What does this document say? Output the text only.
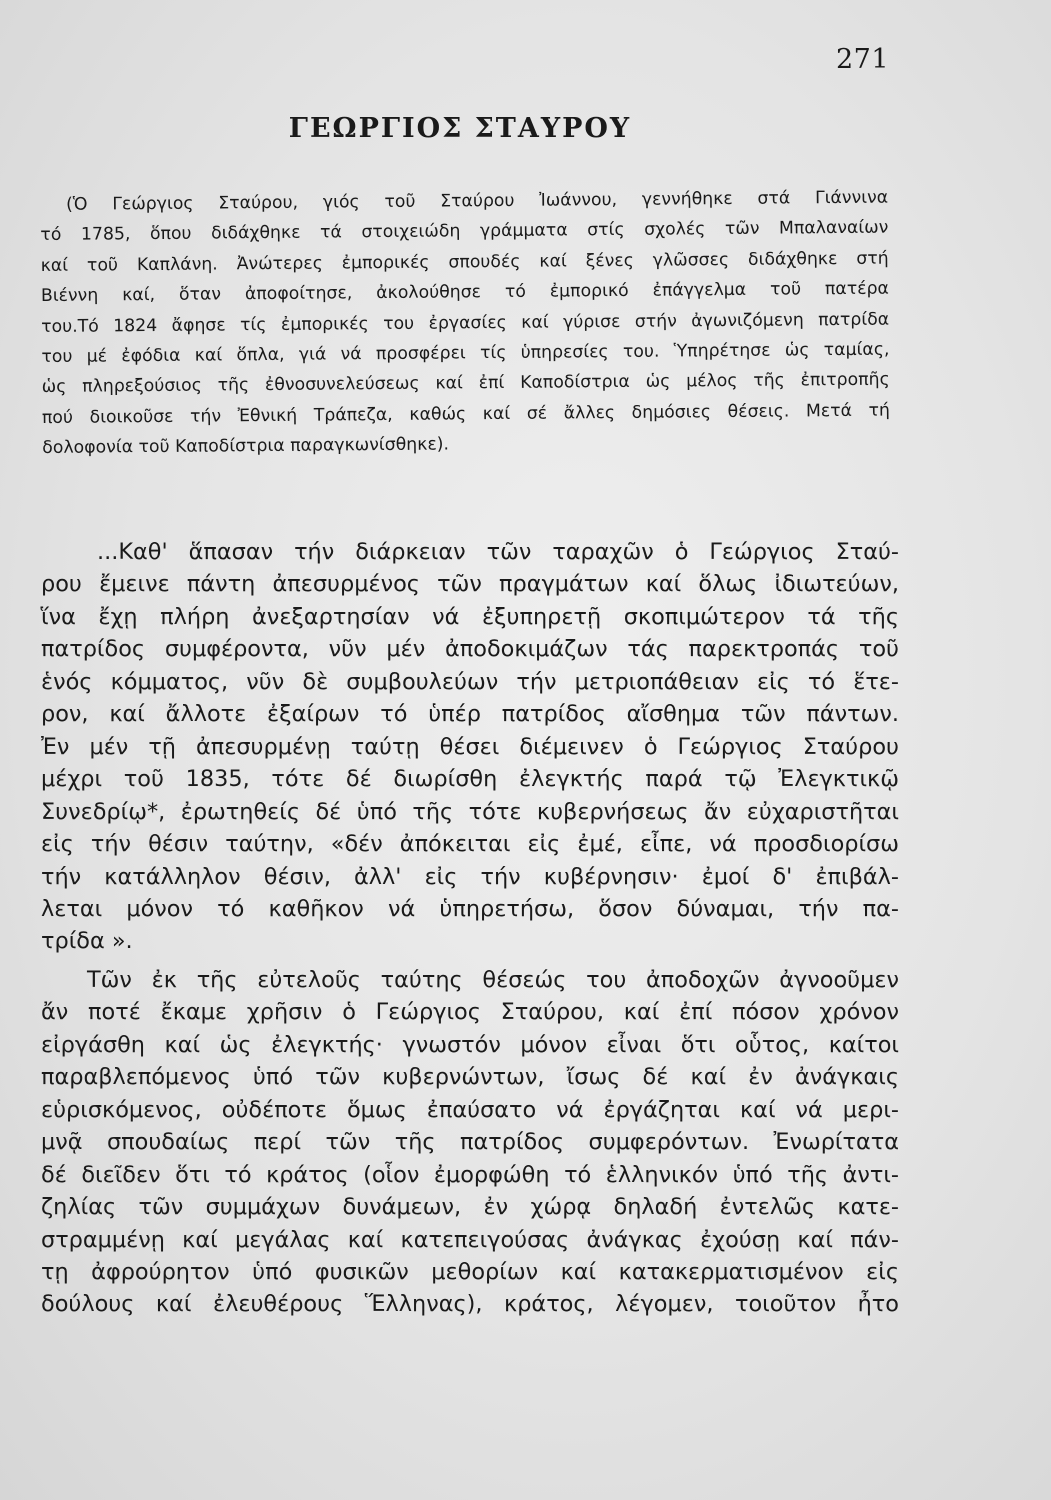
271
ΓΕΩΡΓΙΟΣ ΣΤΑΥΡΟΥ
(Ὁ Γεώργιος Σταύρου, γιός τοῦ Σταύρου Ἰωάννου, γεννήθηκε στά Γιάννινα
τό 1785, ὅπου διδάχθηκε τά στοιχειώδη γράμματα στίς σχολές τῶν Μπαλαναίων
καί τοῦ Καπλάνη. Ἀνώτερες ἐμπορικές σπουδές καί ξένες γλῶσσες διδάχθηκε στή
Βιέννη καί, ὅταν ἀποφοίτησε, ἀκολούθησε τό ἐμπορικό ἐπάγγελμα τοῦ πατέρα
του.Τό 1824 ἄφησε τίς ἐμπορικές του ἐργασίες καί γύρισε στήν ἀγωνιζόμενη πατρίδα
του μέ ἐφόδια καί ὅπλα, γιά νά προσφέρει τίς ὑπηρεσίες του. Ὑπηρέτησε ὡς ταμίας,
ὡς πληρεξούσιος τῆς ἐθνοσυνελεύσεως καί ἐπί Καποδίστρια ὡς μέλος τῆς ἐπιτροπῆς
πού διοικοῦσε τήν Ἐθνική Τράπεζα, καθώς καί σέ ἄλλες δημόσιες θέσεις. Μετά τή
δολοφονία τοῦ Καποδίστρια παραγκωνίσθηκε).
...Καθ' ἅπασαν τήν διάρκειαν τῶν ταραχῶν ὁ Γεώργιος Σταύ-
ρου ἔμεινε πάντη ἀπεσυρμένος τῶν πραγμάτων καί ὅλως ἰδιωτεύων,
ἵνα ἔχῃ πλήρη ἀνεξαρτησίαν νά ἐξυπηρετῇ σκοπιμώτερον τά τῆς
πατρίδος συμφέροντα, νῦν μέν ἀποδοκιμάζων τάς παρεκτροπάς τοῦ
ἑνός κόμματος, νῦν δὲ συμβουλεύων τήν μετριοπάθειαν εἰς τό ἕτε-
ρον, καί ἄλλοτε ἐξαίρων τό ὑπέρ πατρίδος αἴσθημα τῶν πάντων.
Ἐν μέν τῇ ἀπεσυρμένῃ ταύτῃ θέσει διέμεινεν ὁ Γεώργιος Σταύρου
μέχρι τοῦ 1835, τότε δέ διωρίσθη ἐλεγκτής παρά τῷ Ἐλεγκτικῷ
Συνεδρίῳ*, ἐρωτηθείς δέ ὑπό τῆς τότε κυβερνήσεως ἄν εὐχαριστῆται
εἰς τήν θέσιν ταύτην, «δέν ἀπόκειται εἰς ἐμέ, εἶπε, νά προσδιορίσω
τήν κατάλληλον θέσιν, ἀλλ' εἰς τήν κυβέρνησιν· ἐμοί δ' ἐπιβάλ-
λεται μόνον τό καθῆκον νά ὑπηρετήσω, ὅσον δύναμαι, τήν πα-
τρίδα ».
Τῶν ἐκ τῆς εὐτελοῦς ταύτης θέσεώς του ἀποδοχῶν ἀγνοοῦμεν
ἄν ποτέ ἔκαμε χρῆσιν ὁ Γεώργιος Σταύρου, καί ἐπί πόσον χρόνον
εἰργάσθη καί ὡς ἐλεγκτής· γνωστόν μόνον εἶναι ὅτι οὗτος, καίτοι
παραβλεπόμενος ὑπό τῶν κυβερνώντων, ἴσως δέ καί ἐν ἀνάγκαις
εὑρισκόμενος, οὐδέποτε ὅμως ἐπαύσατο νά ἐργάζηται καί νά μερι-
μνᾷ σπουδαίως περί τῶν τῆς πατρίδος συμφερόντων. Ἐνωρίτατα
δέ διεῖδεν ὅτι τό κράτος (οἷον ἐμορφώθη τό ἑλληνικόν ὑπό τῆς ἀντι-
ζηλίας τῶν συμμάχων δυνάμεων, ἐν χώρᾳ δηλαδή ἐντελῶς κατε-
στραμμένῃ καί μεγάλας καί κατεπειγούσας ἀνάγκας ἐχούσῃ καί πάν-
τῃ ἀφρούρητον ὑπό φυσικῶν μεθορίων καί κατακερματισμένον εἰς
δούλους καί ἐλευθέρους Ἕλληνας), κράτος, λέγομεν, τοιοῦτον ἦτο
